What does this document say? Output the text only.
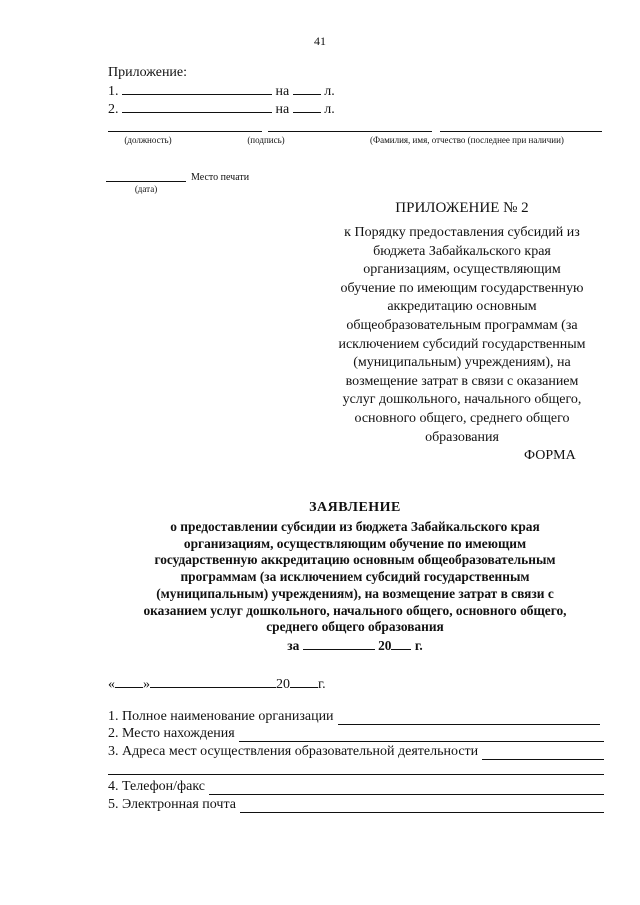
41
Приложение:
1.	на	л.
2.	на	л.
(должность)	(подпись)	(Фамилия, имя, отчество (последнее при наличии)
Место печати
(дата)
ПРИЛОЖЕНИЕ № 2
к Порядку предоставления субсидий из
бюджета Забайкальского края
организациям, осуществляющим
обучение по имеющим государственную
аккредитацию основным
общеобразовательным программам (за
исключением субсидий государственным
(муниципальным) учреждениям), на
возмещение затрат в связи с оказанием
услуг дошкольного, начального общего,
основного общего, среднего общего
образования
ФОРМА
ЗАЯВЛЕНИЕ
о предоставлении субсидии из бюджета Забайкальского края
организациям, осуществляющим обучение по имеющим
государственную аккредитацию основным общеобразовательным
программам (за исключением субсидий государственным
(муниципальным) учреждениям), на возмещение затрат в связи с
оказанием услуг дошкольного, начального общего, основного общего,
среднего общего образования
за	20 г.
« »	20 г.
1. Полное наименование организации
2. Место нахождения
3. Адреса мест осуществления образовательной деятельности
4. Телефон/факс
5. Электронная почта
